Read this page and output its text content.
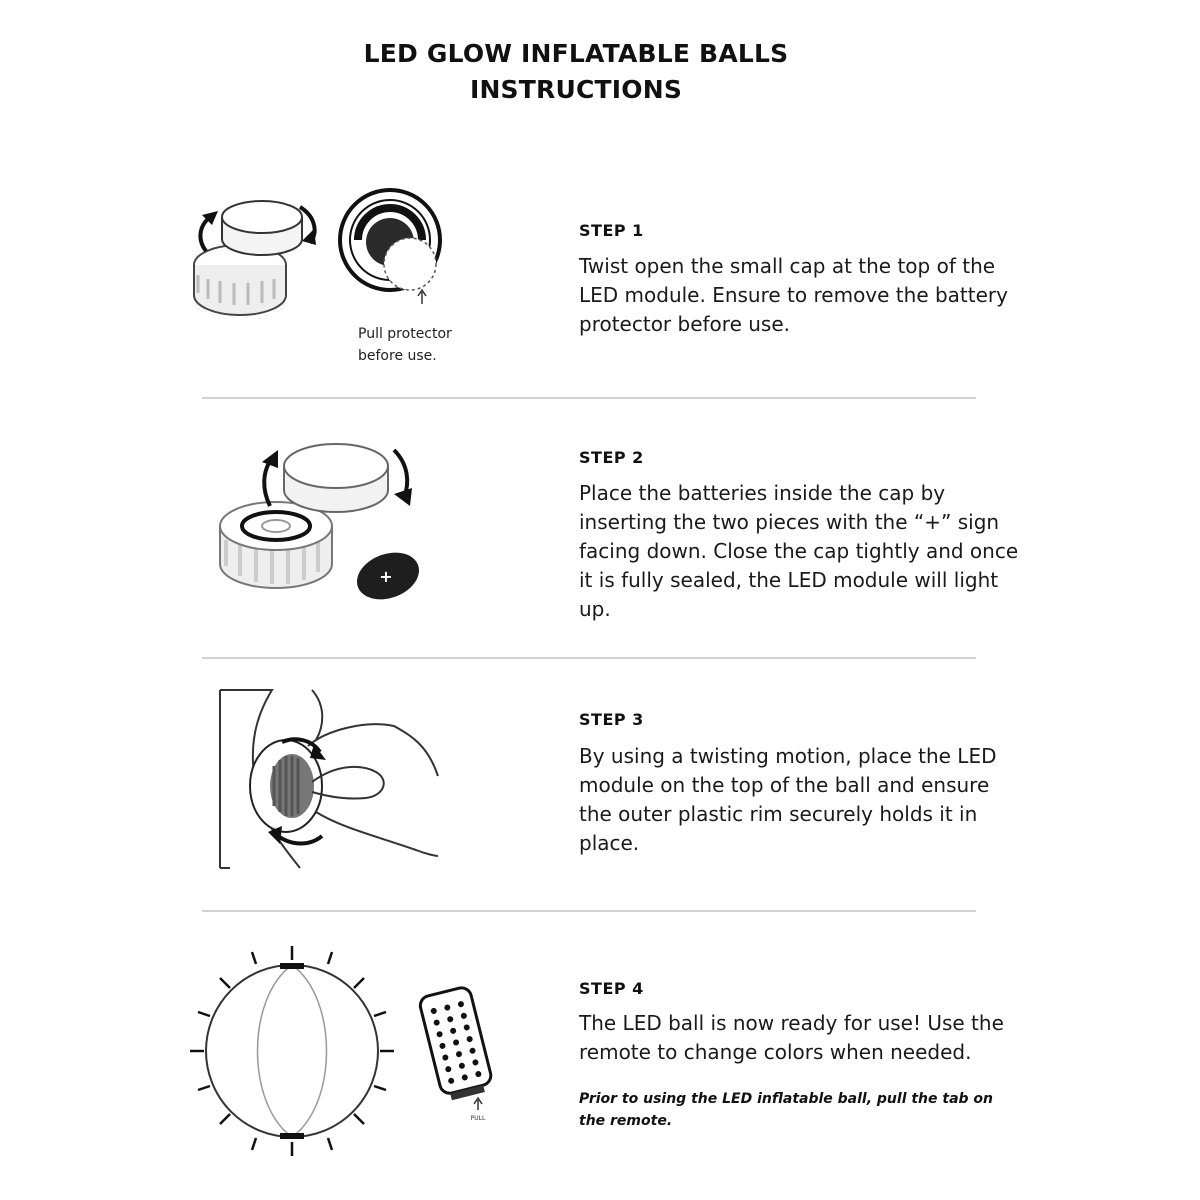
LED GLOW INFLATABLE BALLS
INSTRUCTIONS
Pull protector
before use.
STEP 1
Twist open the small cap at the top of the LED module. Ensure to remove the battery protector before use.
+
STEP 2
Place the batteries inside the cap by inserting the two pieces with the “+” sign facing down. Close the cap tightly and once it is fully sealed, the LED module will light up.
STEP 3
By using a twisting motion, place the LED module on the top of the ball and ensure the outer plastic rim securely holds it in place.
PULL
STEP 4
The LED ball is now ready for use! Use the remote to change colors when needed.
Prior to using the LED inflatable ball, pull the tab on the remote.
